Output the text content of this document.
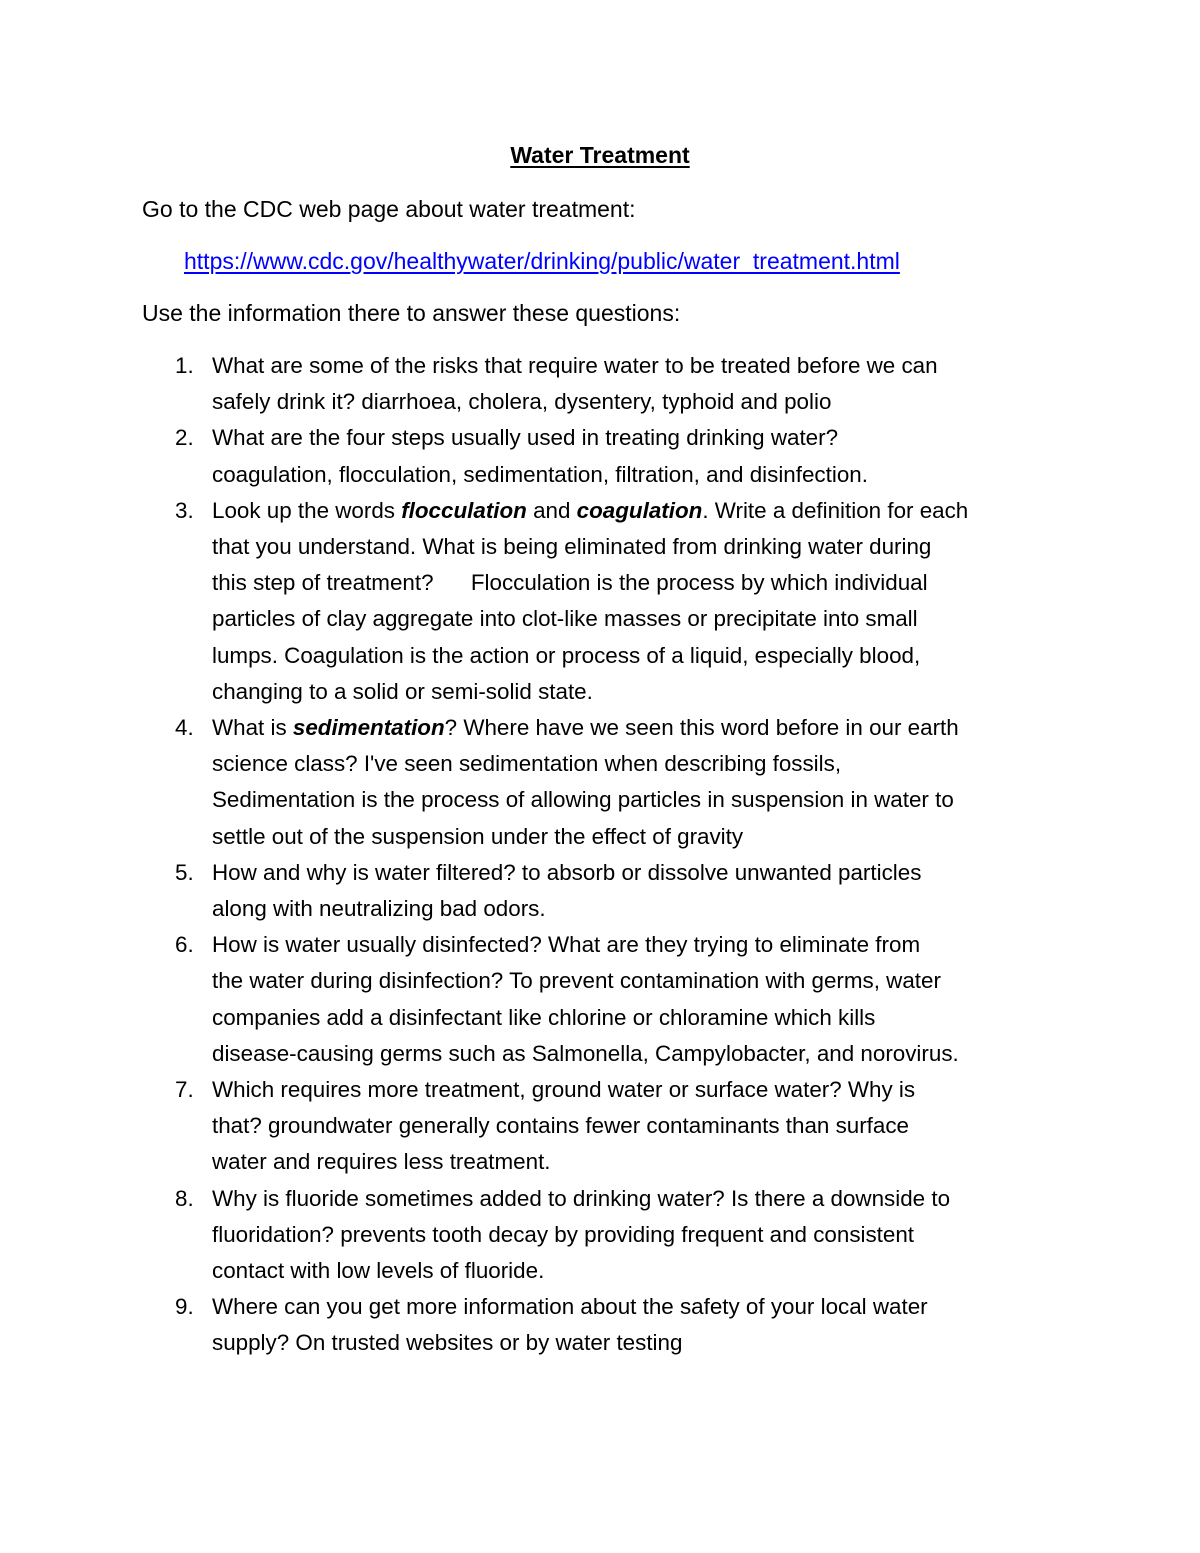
Water Treatment
Go to the CDC web page about water treatment:
https://www.cdc.gov/healthywater/drinking/public/water_treatment.html
Use the information there to answer these questions:
1. What are some of the risks that require water to be treated before we can
safely drink it? diarrhoea, cholera, dysentery, typhoid and polio
2. What are the four steps usually used in treating drinking water?
coagulation, flocculation, sedimentation, filtration, and disinfection.
3. Look up the words flocculation and coagulation. Write a definition for each
that you understand. What is being eliminated from drinking water during
this step of treatment?      Flocculation is the process by which individual
particles of clay aggregate into clot-like masses or precipitate into small
lumps. Coagulation is the action or process of a liquid, especially blood,
changing to a solid or semi-solid state.
4. What is sedimentation? Where have we seen this word before in our earth
science class? I've seen sedimentation when describing fossils,
Sedimentation is the process of allowing particles in suspension in water to
settle out of the suspension under the effect of gravity
5. How and why is water filtered? to absorb or dissolve unwanted particles
along with neutralizing bad odors.
6. How is water usually disinfected? What are they trying to eliminate from
the water during disinfection? To prevent contamination with germs, water
companies add a disinfectant like chlorine or chloramine which kills
disease-causing germs such as Salmonella, Campylobacter, and norovirus.
7. Which requires more treatment, ground water or surface water? Why is
that? groundwater generally contains fewer contaminants than surface
water and requires less treatment.
8. Why is fluoride sometimes added to drinking water? Is there a downside to
fluoridation? prevents tooth decay by providing frequent and consistent
contact with low levels of fluoride.
9. Where can you get more information about the safety of your local water
supply? On trusted websites or by water testing
